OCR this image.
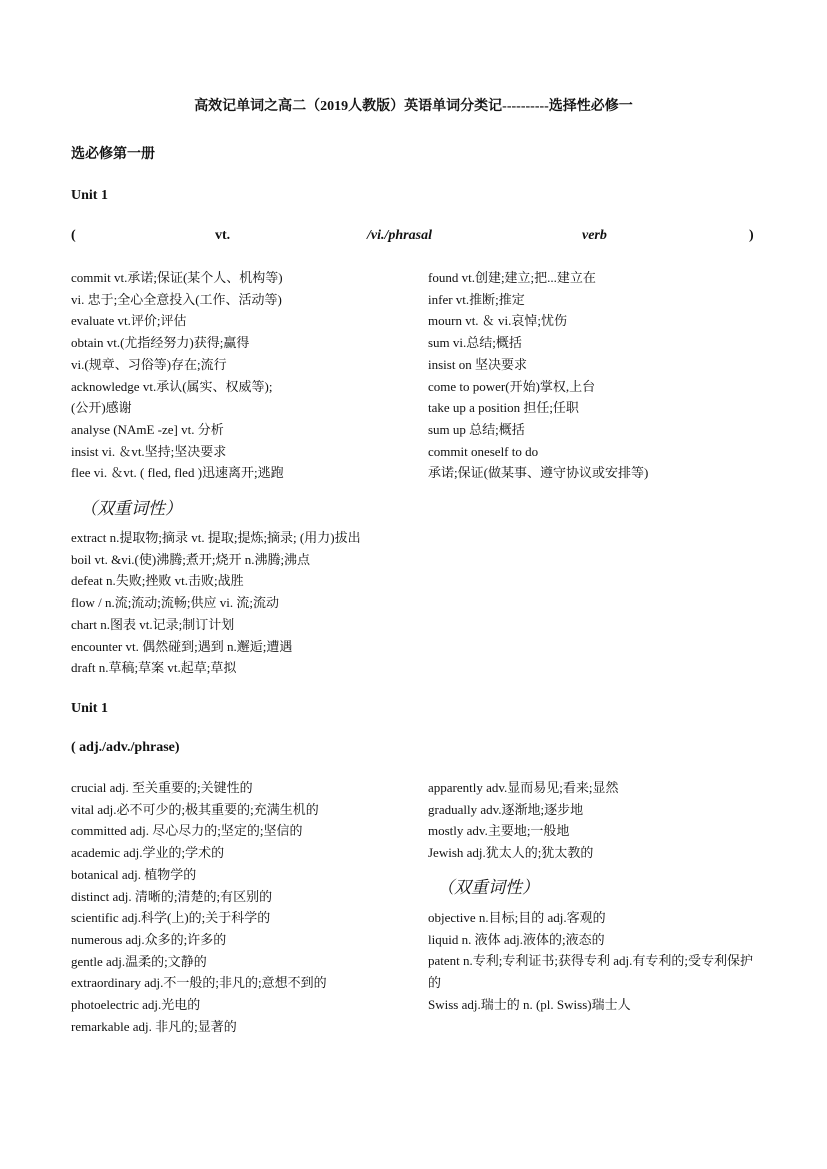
高效记单词之高二（2019人教版）英语单词分类记----------选择性必修一
选必修第一册
Unit 1
(	vt.	/vi./phrasal	verb	)
commit vt.承诺;保证(某个人、机构等)
vi. 忠于;全心全意投入(工作、活动等)
evaluate vt.评价;评估
obtain vt.(尤指经努力)获得;赢得
vi.(规章、习俗等)存在;流行
acknowledge vt.承认(属实、权威等);
(公开)感谢
analyse (NAmE -ze] vt. 分析
insist vi. ＆vt.坚持;坚决要求
flee vi. ＆vt. ( fled, fled )迅速离开;逃跑
found vt.创建;建立;把...建立在
infer vt.推断;推定
mourn vt. ＆ vi.哀悼;忧伤
sum vi.总结;概括
insist on 坚决要求
come to power(开始)掌权,上台
take up a position 担任;任职
sum up 总结;概括
commit oneself to do
承诺;保证(做某事、遵守协议或安排等)
（双重词性）
extract n.提取物;摘录 vt. 提取;提炼;摘录; (用力)拔出
boil vt. &vi.(使)沸腾;煮开;烧开 n.沸腾;沸点
defeat n.失败;挫败 vt.击败;战胜
flow / n.流;流动;流畅;供应 vi. 流;流动
chart n.图表 vt.记录;制订计划
encounter vt. 偶然碰到;遇到 n.邂逅;遭遇
draft n.草稿;草案 vt.起草;草拟
Unit 1
( adj./adv./phrase)
crucial adj. 至关重要的;关键性的
vital adj.必不可少的;极其重要的;充满生机的
committed adj. 尽心尽力的;坚定的;坚信的
academic adj.学业的;学术的
botanical adj. 植物学的
distinct adj. 清晰的;清楚的;有区别的
scientific adj.科学(上)的;关于科学的
numerous adj.众多的;许多的
gentle adj.温柔的;文静的
extraordinary adj.不一般的;非凡的;意想不到的
photoelectric adj.光电的
remarkable adj. 非凡的;显著的
apparently adv.显而易见;看来;显然
gradually adv.逐渐地;逐步地
mostly adv.主要地;一般地
Jewish adj.犹太人的;犹太教的
（双重词性）
objective n.目标;目的 adj.客观的
liquid n. 液体 adj.液体的;液态的
patent n.专利;专利证书;获得专利 adj.有专利的;受专利保护的
Swiss adj.瑞士的 n. (pl. Swiss)瑞士人
